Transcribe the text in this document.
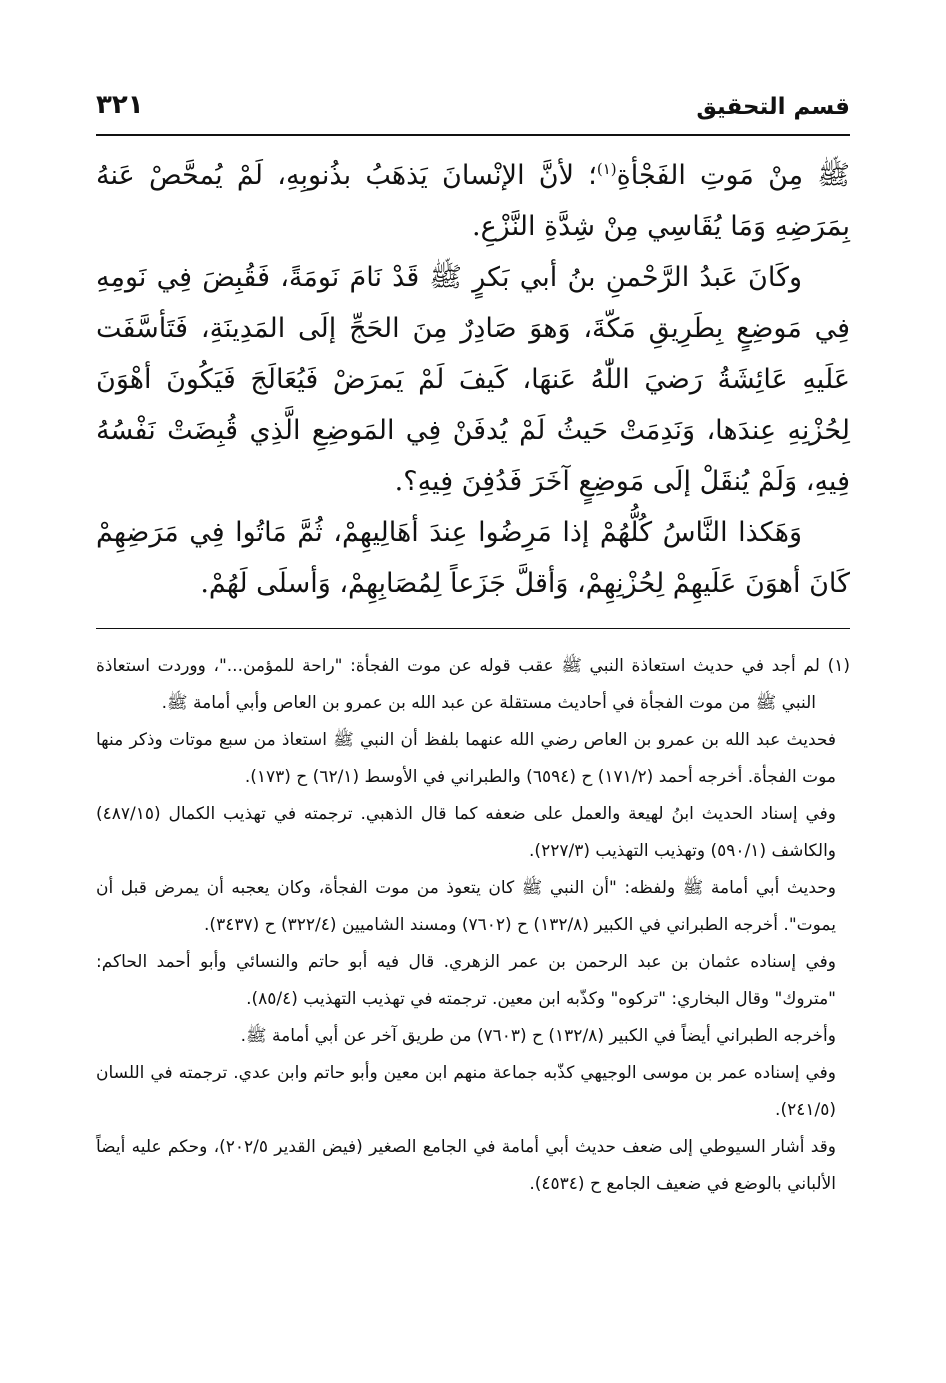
قسم التحقيق
٣٢١

ﷺ مِنْ مَوتِ الفَجْأةِ$^{(١)}$؛ لأنَّ الإنْسانَ يَذهَبُ بذُنوبِهِ، لَمْ يُمحَّصْ عَنهُ بِمَرَضِهِ وَمَا يُقَاسِي مِنْ شِدَّةِ النَّزْعِ.

وكَانَ عَبدُ الرَّحْمنِ بنُ أبي بَكرٍ ﷺ قَدْ نَامَ نَومَةً، فَقُبِضَ فِي نَومِهِ فِي مَوضِعٍ بِطَرِيقِ مَكّةَ، وَهوَ صَادِرٌ مِنَ الحَجِّ إلَى المَدِينَةِ، فَتَأسَّفَت عَلَيهِ عَائِشَةُ رَضيَ اللّٰهُ عَنهَا، كَيفَ لَمْ يَمرَضْ فَيُعَالَجَ فَيَكُونَ أهْوَنَ لِحُزْنِهِ عِندَها، وَنَدِمَتْ حَيثُ لَمْ يُدفَنْ فِي المَوضِعِ الَّذِي قُبِضَتْ نَفْسُهُ فِيهِ، وَلَمْ يُنقَلْ إلَى مَوضِعٍ آخَرَ فَدُفِنَ فِيهِ؟.

وَهَكذا النَّاسُ كُلُّهُمْ إذا مَرِضُوا عِندَ أهَالِيهِمْ، ثُمَّ مَاتُوا فِي مَرَضِهِمْ كَانَ أهوَنَ عَلَيهِمْ لِحُزْنِهِمْ، وَأقلَّ جَزَعاً لِمُصَابِهِمْ، وَأسلَى لَهُمْ.

(١) لم أجد في حديث استعاذة النبي ﷺ عقب قوله عن موت الفجأة: "راحة للمؤمن..."، ووردت استعاذة النبي ﷺ من موت الفجأة في أحاديث مستقلة عن عبد الله بن عمرو بن العاص وأبي أمامة ﷺ.

فحديث عبد الله بن عمرو بن العاص رضي الله عنهما بلفظ أن النبي ﷺ استعاذ من سبع موتات وذكر منها موت الفجأة. أخرجه أحمد (١٧١/٢) ح (٦٥٩٤) والطبراني في الأوسط (٦٢/١) ح (١٧٣).

وفي إسناد الحديث ابنُ لهيعة والعمل على ضعفه كما قال الذهبي. ترجمته في تهذيب الكمال (٤٨٧/١٥) والكاشف (٥٩٠/١) وتهذيب التهذيب (٢٢٧/٣).

وحديث أبي أمامة ﷺ ولفظه: "أن النبي ﷺ كان يتعوذ من موت الفجأة، وكان يعجبه أن يمرض قبل أن يموت". أخرجه الطبراني في الكبير (١٣٢/٨) ح (٧٦٠٢) ومسند الشاميين (٣٢٢/٤) ح (٣٤٣٧).

وفي إسناده عثمان بن عبد الرحمن بن عمر الزهري. قال فيه أبو حاتم والنسائي وأبو أحمد الحاكم: "متروك" وقال البخاري: "تركوه" وكذّبه ابن معين. ترجمته في تهذيب التهذيب (٨٥/٤).

وأخرجه الطبراني أيضاً في الكبير (١٣٢/٨) ح (٧٦٠٣) من طريق آخر عن أبي أمامة ﷺ.

وفي إسناده عمر بن موسى الوجيهي كذّبه جماعة منهم ابن معين وأبو حاتم وابن عدي. ترجمته في اللسان (٢٤١/٥).

وقد أشار السيوطي إلى ضعف حديث أبي أمامة في الجامع الصغير (فيض القدير ٢٠٢/٥)، وحكم عليه أيضاً الألباني بالوضع في ضعيف الجامع ح (٤٥٣٤).
